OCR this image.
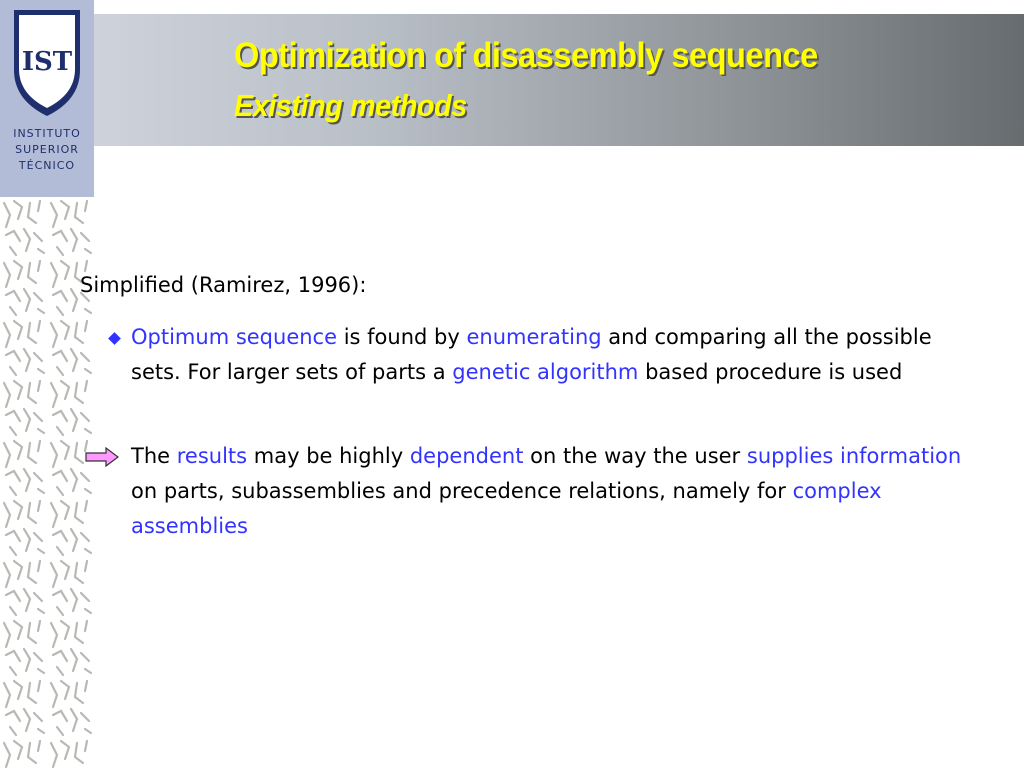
IST
INSTITUTO
SUPERIOR
TÉCNICO
Optimization of disassembly sequence
Existing methods
Simplified (Ramirez, 1996):
Optimum sequence is found by enumerating and comparing all the possible sets. For larger sets of parts a genetic algorithm based procedure is used
The results may be highly dependent on the way the user supplies information on parts, subassemblies and precedence relations, namely for complex assemblies
